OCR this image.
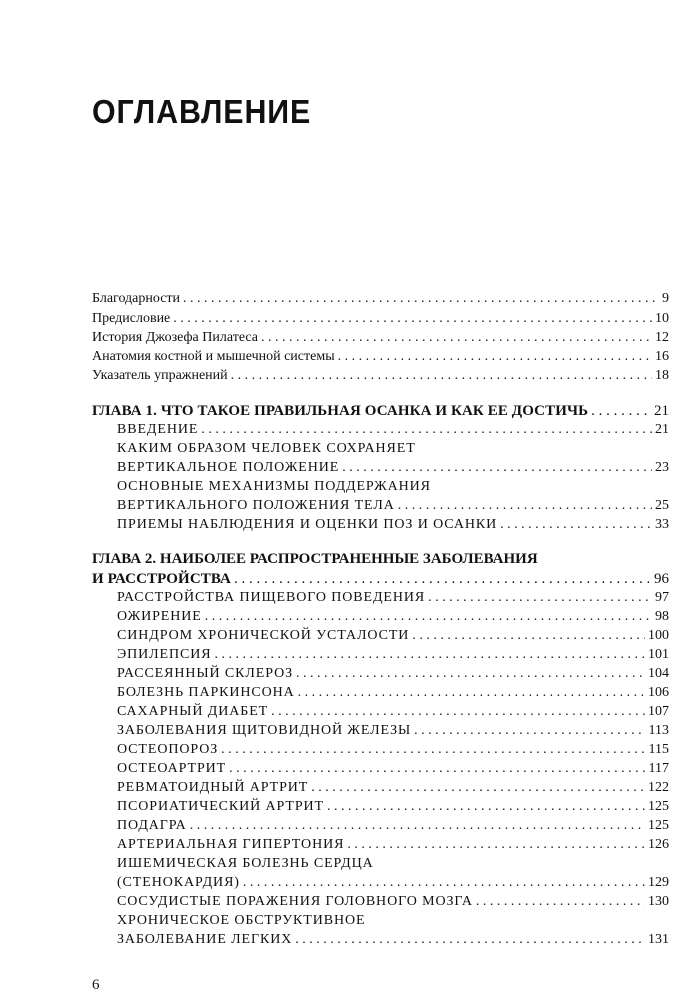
ОГЛАВЛЕНИЕ
Благодарности . . .	9
Предисловие . . .	10
История Джозефа Пилатеса . . .	12
Анатомия костной и мышечной системы . . .	16
Указатель упражнений . . .	18
ГЛАВА 1. ЧТО ТАКОЕ ПРАВИЛЬНАЯ ОСАНКА И КАК ЕЕ ДОСТИЧЬ . . .	21
ВВЕДЕНИЕ . . .	21
КАКИМ ОБРАЗОМ ЧЕЛОВЕК СОХРАНЯЕТ
ВЕРТИКАЛЬНОЕ ПОЛОЖЕНИЕ . . .	23
ОСНОВНЫЕ МЕХАНИЗМЫ ПОДДЕРЖАНИЯ
ВЕРТИКАЛЬНОГО ПОЛОЖЕНИЯ ТЕЛА . . .	25
ПРИЕМЫ НАБЛЮДЕНИЯ И ОЦЕНКИ ПОЗ И ОСАНКИ . . .	33
ГЛАВА 2. НАИБОЛЕЕ РАСПРОСТРАНЕННЫЕ ЗАБОЛЕВАНИЯ
И РАССТРОЙСТВА . . .	96
РАССТРОЙСТВА ПИЩЕВОГО ПОВЕДЕНИЯ . . .	97
ОЖИРЕНИЕ . . .	98
СИНДРОМ ХРОНИЧЕСКОЙ УСТАЛОСТИ . . .	100
ЭПИЛЕПСИЯ . . .	101
РАССЕЯННЫЙ СКЛЕРОЗ . . .	104
БОЛЕЗНЬ ПАРКИНСОНА . . .	106
САХАРНЫЙ ДИАБЕТ . . .	107
ЗАБОЛЕВАНИЯ ЩИТОВИДНОЙ ЖЕЛЕЗЫ . . .	113
ОСТЕОПОРОЗ . . .	115
ОСТЕОАРТРИТ . . .	117
РЕВМАТОИДНЫЙ АРТРИТ . . .	122
ПСОРИАТИЧЕСКИЙ АРТРИТ . . .	125
ПОДАГРА . . .	125
АРТЕРИАЛЬНАЯ ГИПЕРТОНИЯ . . .	126
ИШЕМИЧЕСКАЯ БОЛЕЗНЬ СЕРДЦА
(СТЕНОКАРДИЯ) . . .	129
СОСУДИСТЫЕ ПОРАЖЕНИЯ ГОЛОВНОГО МОЗГА . . .	130
ХРОНИЧЕСКОЕ ОБСТРУКТИВНОЕ
ЗАБОЛЕВАНИЕ ЛЕГКИХ . . .	131
6
